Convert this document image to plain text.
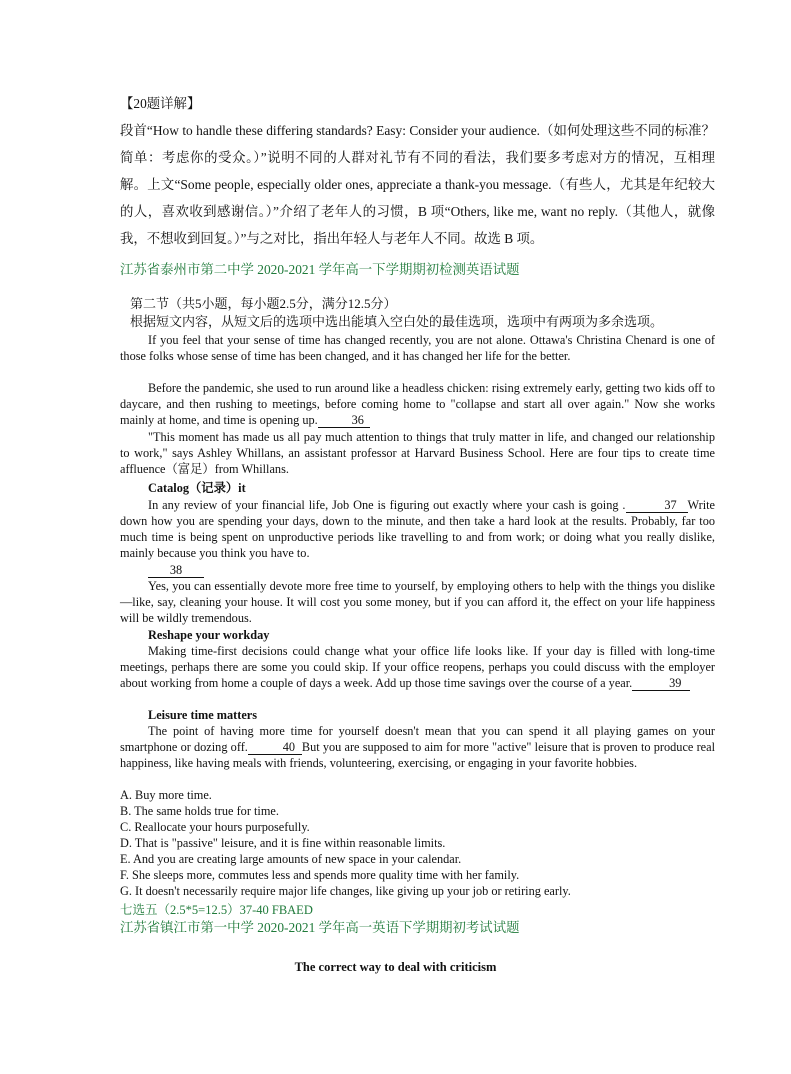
【20题详解】

段首“How to handle these differing standards? Easy: Consider your audience.（如何处理这些不同的标准？简单：考虑你的受众。）”说明不同的人群对礼节有不同的看法，我们要多考虑对方的情况，互相理解。上文“Some people, especially older ones, appreciate a thank-you message.（有些人，尤其是年纪较大的人，喜欢收到感谢信。）”介绍了老年人的习惯，B 项“Others, like me, want no reply.（其他人，就像我，不想收到回复。）”与之对比，指出年轻人与老年人不同。故选 B 项。

江苏省泰州市第二中学 2020-2021 学年高一下学期期初检测英语试题

第二节（共5小题，每小题2.5分，满分12.5分）

根据短文内容，从短文后的选项中选出能填入空白处的最佳选项，选项中有两项为多余选项。

If you feel that your sense of time has changed recently, you are not alone. Ottawa's Christina Chenard is one of those folks whose sense of time has been changed, and it has changed her life for the better.

Before the pandemic, she used to run around like a headless chicken: rising extremely early, getting two kids off to daycare, and then rushing to meetings, before coming home to "collapse and start all over again." Now she works mainly at home, and time is opening up.	36

"This moment has made us all pay much attention to things that truly matter in life, and changed our relationship to work," says Ashley Whillans, an assistant professor at Harvard Business School. Here are four tips to create time affluence（富足）from Whillans.

Catalog（记录）it

In any review of your financial life, Job One is figuring out exactly where your cash is going .	37 Write down how you are spending your days, down to the minute, and then take a hard look at the results. Probably, far too much time is being spent on unproductive periods like travelling to and from work; or doing what you really dislike, mainly because you think you have to.

38

Yes, you can essentially devote more free time to yourself, by employing others to help with the things you dislike —like, say, cleaning your house. It will cost you some money, but if you can afford it, the effect on your life happiness will be wildly tremendous.

Reshape your workday

Making time-first decisions could change what your office life looks like. If your day is filled with long-time meetings, perhaps there are some you could skip. If your office reopens, perhaps you could discuss with the employer about working from home a couple of days a week. Add up those time savings over the course of a year.	39

Leisure time matters

The point of having more time for yourself doesn't mean that you can spend it all playing games on your smartphone or dozing off.	40 But you are supposed to aim for more "active" leisure that is proven to produce real happiness, like having meals with friends, volunteering, exercising, or engaging in your favorite hobbies.

A. Buy more time.
B. The same holds true for time.
C. Reallocate your hours purposefully.
D. That is "passive" leisure, and it is fine within reasonable limits.
E. And you are creating large amounts of new space in your calendar.
F. She sleeps more, commutes less and spends more quality time with her family.
G. It doesn't necessarily require major life changes, like giving up your job or retiring early.

七选五（2.5*5=12.5）37-40 FBAED

江苏省镇江市第一中学 2020-2021 学年高一英语下学期期初考试试题

The correct way to deal with criticism
